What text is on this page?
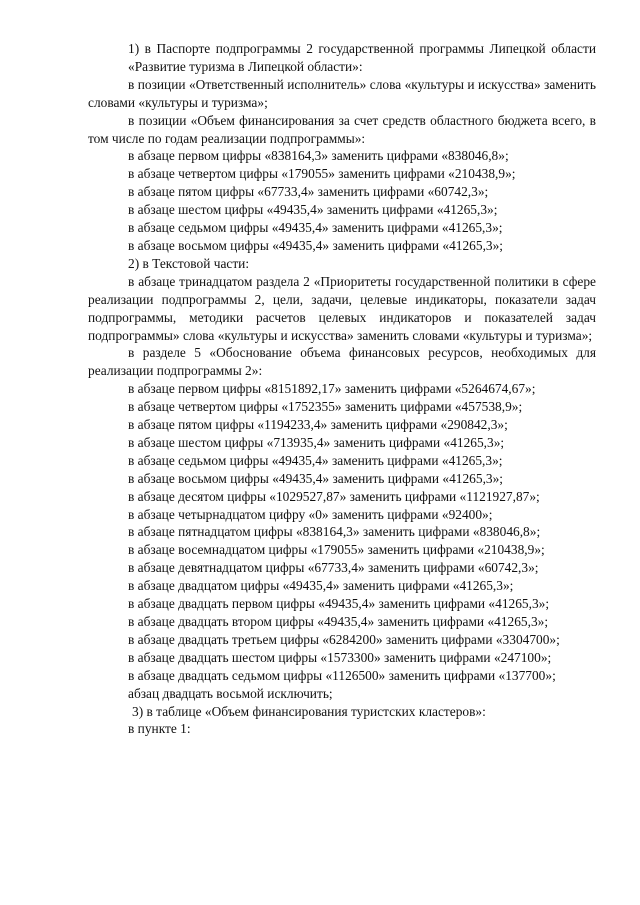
1) в Паспорте подпрограммы 2 государственной программы Липецкой области «Развитие туризма в Липецкой области»:

в позиции «Ответственный исполнитель» слова «культуры и искусства» заменить словами «культуры и туризма»;

в позиции «Объем финансирования за счет средств областного бюджета всего, в том числе по годам реализации подпрограммы»:

в абзаце первом цифры «838164,3» заменить цифрами «838046,8»;

в абзаце четвертом цифры «179055» заменить цифрами «210438,9»;

в абзаце пятом цифры «67733,4» заменить цифрами «60742,3»;

в абзаце шестом цифры «49435,4» заменить цифрами «41265,3»;

в абзаце седьмом цифры «49435,4» заменить цифрами «41265,3»;

в абзаце восьмом цифры «49435,4» заменить цифрами «41265,3»;

2) в Текстовой части:

в абзаце тринадцатом раздела 2 «Приоритеты государственной политики в сфере реализации подпрограммы 2, цели, задачи, целевые индикаторы, показатели задач подпрограммы, методики расчетов целевых индикаторов и показателей задач подпрограммы» слова «культуры и искусства» заменить словами «культуры и туризма»;

в разделе 5 «Обоснование объема финансовых ресурсов, необходимых для реализации подпрограммы 2»:

в абзаце первом цифры «8151892,17» заменить цифрами «5264674,67»;

в абзаце четвертом цифры «1752355» заменить цифрами «457538,9»;

в абзаце пятом цифры «1194233,4» заменить цифрами «290842,3»;

в абзаце шестом цифры «713935,4» заменить цифрами «41265,3»;

в абзаце седьмом цифры «49435,4» заменить цифрами «41265,3»;

в абзаце восьмом цифры «49435,4» заменить цифрами «41265,3»;

в абзаце десятом цифры «1029527,87» заменить цифрами «1121927,87»;

в абзаце четырнадцатом цифру «0» заменить цифрами «92400»;

в абзаце пятнадцатом цифры «838164,3» заменить цифрами «838046,8»;

в абзаце восемнадцатом цифры «179055» заменить цифрами «210438,9»;

в абзаце девятнадцатом цифры «67733,4» заменить цифрами «60742,3»;

в абзаце двадцатом цифры «49435,4» заменить цифрами «41265,3»;

в абзаце двадцать первом цифры «49435,4» заменить цифрами «41265,3»;

в абзаце двадцать втором цифры «49435,4» заменить цифрами «41265,3»;

в абзаце двадцать третьем цифры «6284200» заменить цифрами «3304700»;

в абзаце двадцать шестом цифры «1573300» заменить цифрами «247100»;

в абзаце двадцать седьмом цифры «1126500» заменить цифрами «137700»;

абзац двадцать восьмой исключить;

3) в таблице «Объем финансирования туристских кластеров»:

в пункте 1:
